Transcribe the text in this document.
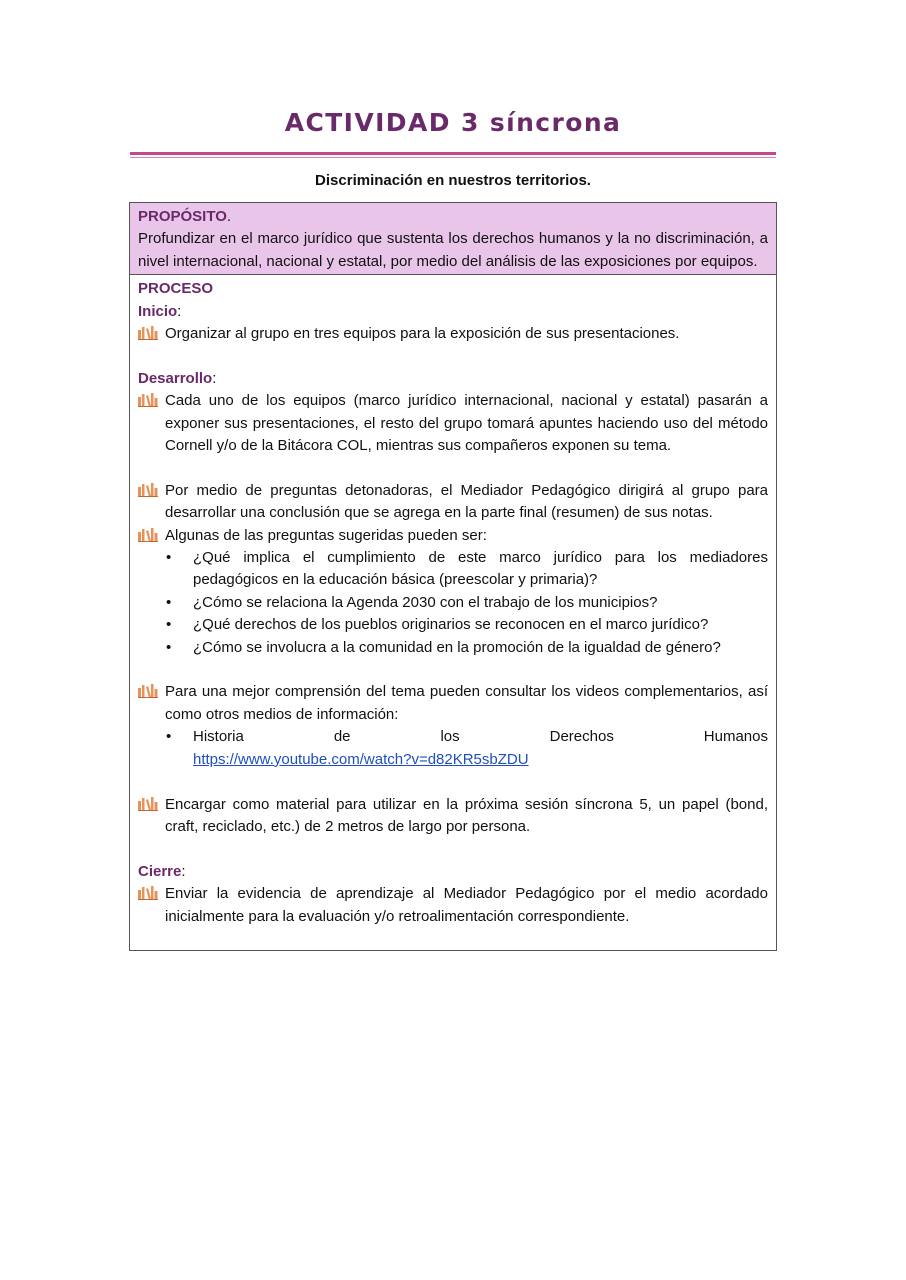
ACTIVIDAD 3 síncrona
Discriminación en nuestros territorios.
PROPÓSITO.
Profundizar en el marco jurídico que sustenta los derechos humanos y la no discriminación, a nivel internacional, nacional y estatal, por medio del análisis de las exposiciones por equipos.
PROCESO
Inicio:
Organizar al grupo en tres equipos para la exposición de sus presentaciones.
Desarrollo:
Cada uno de los equipos (marco jurídico internacional, nacional y estatal) pasarán a exponer sus presentaciones, el resto del grupo tomará apuntes haciendo uso del método Cornell y/o de la Bitácora COL, mientras sus compañeros exponen su tema.
Por medio de preguntas detonadoras, el Mediador Pedagógico dirigirá al grupo para desarrollar una conclusión que se agrega en la parte final (resumen) de sus notas.
Algunas de las preguntas sugeridas pueden ser:
• ¿Qué implica el cumplimiento de este marco jurídico para los mediadores pedagógicos en la educación básica (preescolar y primaria)?
• ¿Cómo se relaciona la Agenda 2030 con el trabajo de los municipios?
• ¿Qué derechos de los pueblos originarios se reconocen en el marco jurídico?
• ¿Cómo se involucra a la comunidad en la promoción de la igualdad de género?
Para una mejor comprensión del tema pueden consultar los videos complementarios, así como otros medios de información:
• Historia de los Derechos Humanos
https://www.youtube.com/watch?v=d82KR5sbZDU
Encargar como material para utilizar en la próxima sesión síncrona 5, un papel (bond, craft, reciclado, etc.) de 2 metros de largo por persona.
Cierre:
Enviar la evidencia de aprendizaje al Mediador Pedagógico por el medio acordado inicialmente para la evaluación y/o retroalimentación correspondiente.
